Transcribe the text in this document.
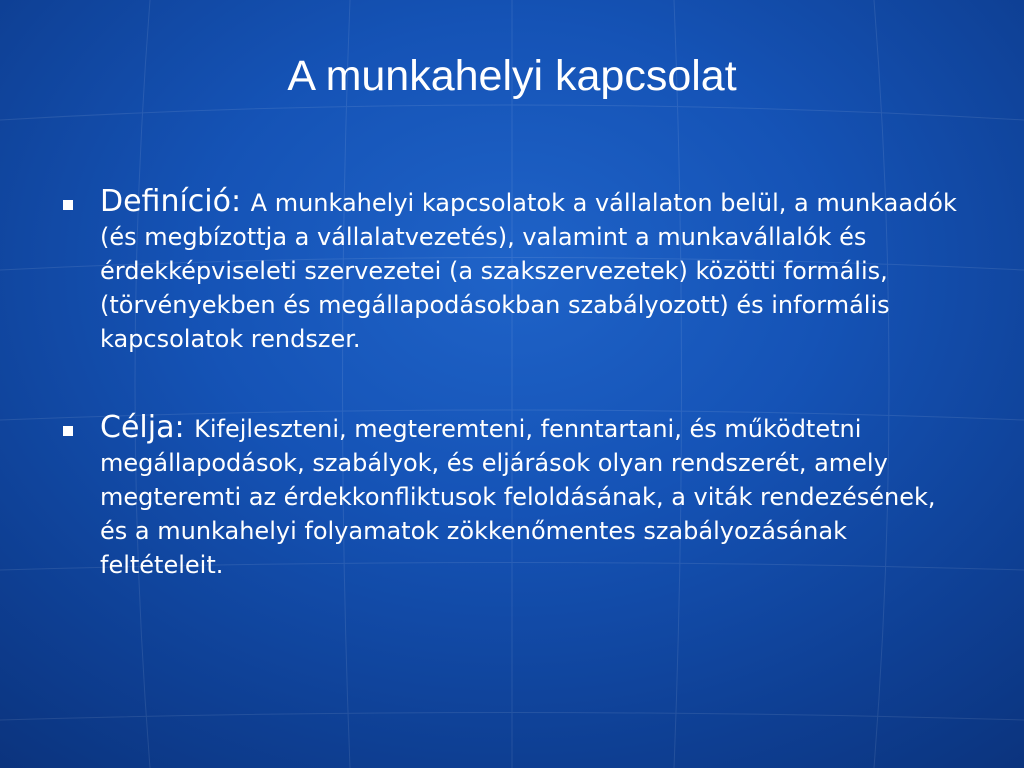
A munkahelyi kapcsolat
Definíció: A munkahelyi kapcsolatok a vállalaton belül, a munkaadók (és megbízottja a vállalatvezetés), valamint a munkavállalók és érdekképviseleti szervezetei (a szakszervezetek) közötti formális, (törvényekben és megállapodásokban szabályozott) és informális kapcsolatok rendszer.
Célja: Kifejleszteni, megteremteni, fenntartani, és működtetni megállapodások, szabályok, és eljárások olyan rendszerét, amely megteremti az érdekkonfliktusok feloldásának, a viták rendezésének, és a munkahelyi folyamatok zökkenőmentes szabályozásának feltételeit.
